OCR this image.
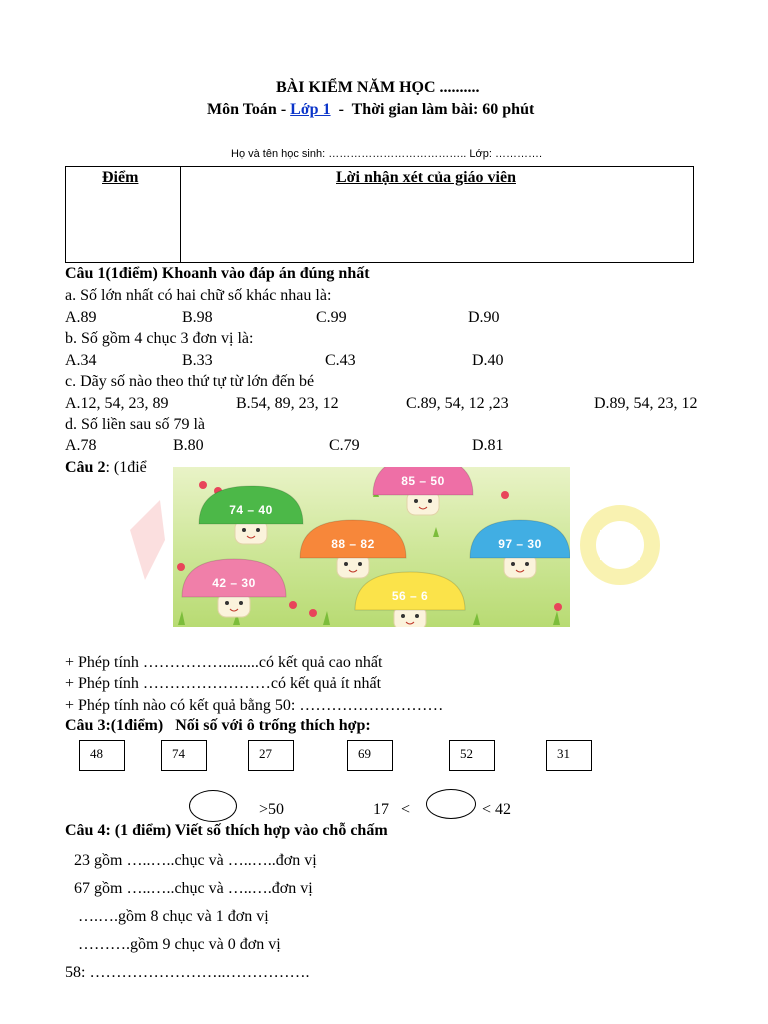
BÀI KIỂM NĂM HỌC ..........
Môn Toán - Lớp 1  -  Thời gian làm bài: 60 phút
Họ và tên học sinh: ……………………………….. Lớp: ………….
Điểm	Lời nhận xét của giáo viên
Câu 1(1điểm) Khoanh vào đáp án đúng nhất
a. Số lớn nhất có hai chữ số khác nhau là:
A.89	B.98	C.99	D.90
b. Số gồm 4 chục 3 đơn vị là:
A.34	B.33	C.43	D.40
c. Dãy số nào theo thứ tự từ lớn đến bé
A.12, 54, 23, 89	B.54, 89, 23, 12	C.89, 54, 12 ,23	D.89, 54, 23, 12
d. Số liền sau số 79 là
A.78	B.80	C.79	D.81
Câu 2: (1điể
85 – 50
74 – 40
88 – 82	97 – 30
42 – 30
56 – 6
+ Phép tính …………….........có kết quả cao nhất
+ Phép tính ……………………có kết quả ít nhất
+ Phép tính nào có kết quả bằng 50: ………………………
Câu 3:(1điểm)   Nối số với ô trống thích hợp:
48	74	27	69	52	31
>50	17   <	< 42
Câu 4: (1 điểm) Viết số thích hợp vào chỗ chấm
23 gồm …..…..chục và …..…..đơn vị
67 gồm …..…..chục và …..….đơn vị
….….gồm 8 chục và 1 đơn vị
……….gồm 9 chục và 0 đơn vị
58: ……………………..…………….
